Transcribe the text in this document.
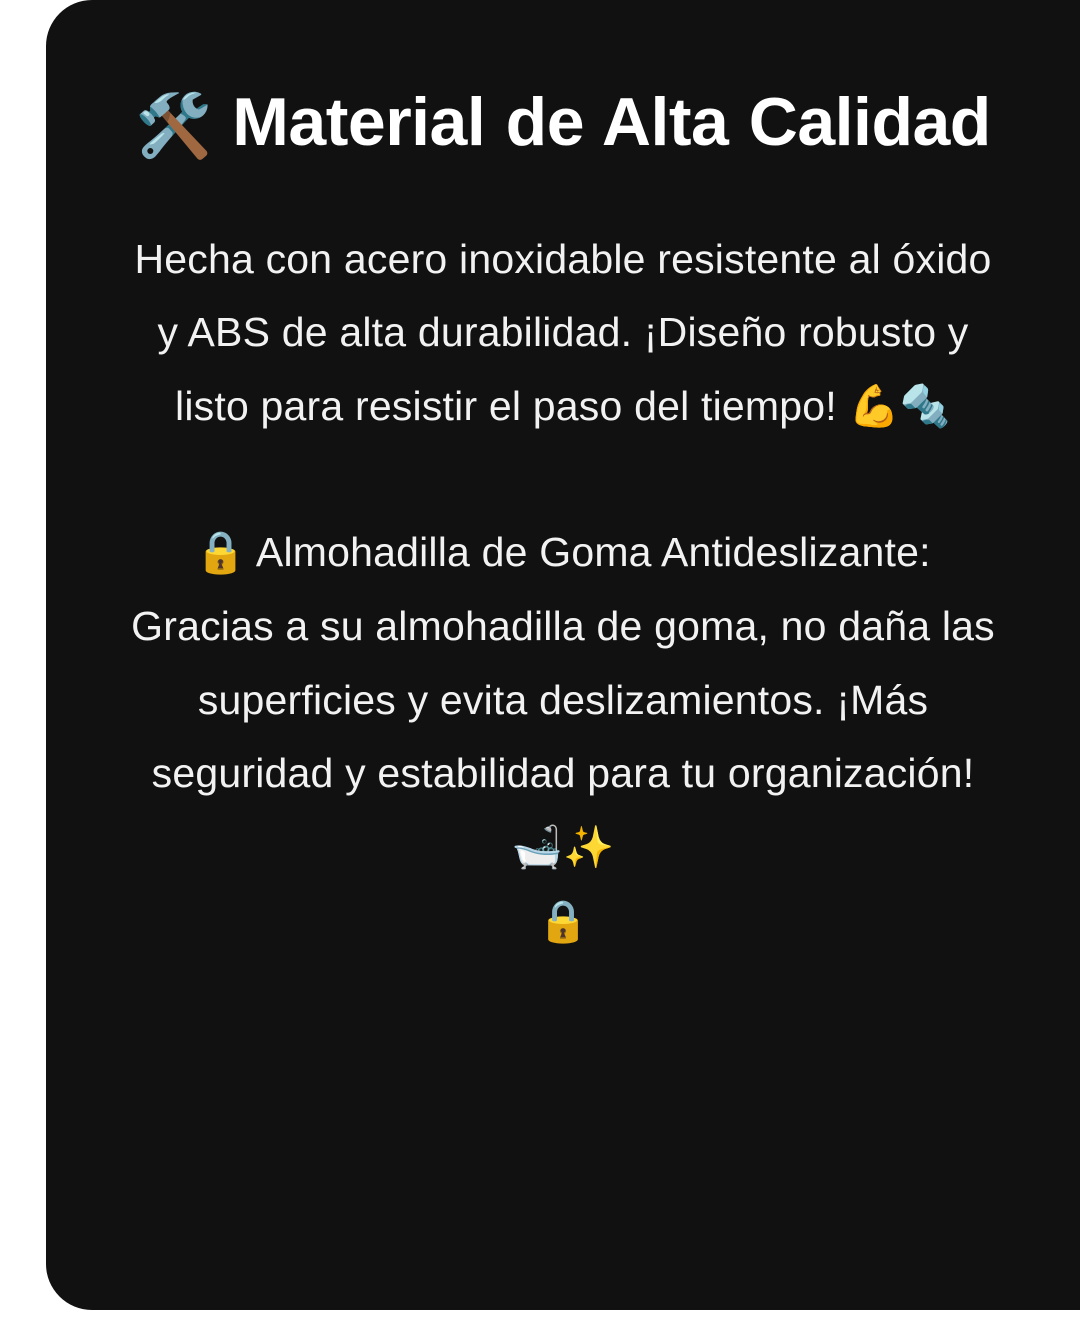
🛠️ Material de Alta Calidad

Hecha con acero inoxidable resistente al óxido y ABS de alta durabilidad. ¡Diseño robusto y listo para resistir el paso del tiempo! 💪🔩

🔒 Almohadilla de Goma Antideslizante:

Gracias a su almohadilla de goma, no daña las superficies y evita deslizamientos. ¡Más seguridad y estabilidad para tu organización! 🛁✨

🔒
